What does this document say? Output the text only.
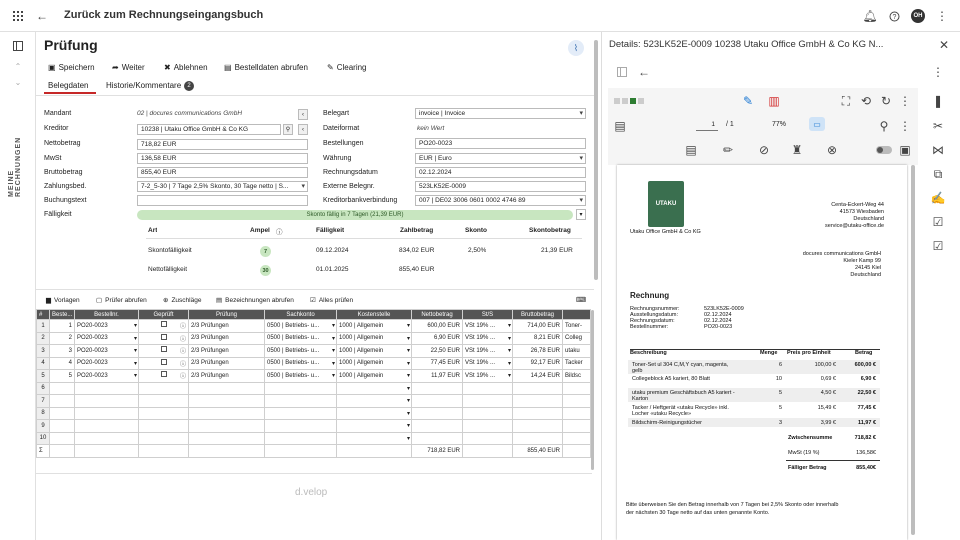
← Zurück zum Rechnungseingangsbuch	🔔︎ ?	OH ⋮
⌃
⌄
MEINE RECHNUNGEN
Prüfung	⌇
▣ Speichern ➦ Weiter ✖ Ablehnen ▤ Bestelldaten abrufen ✎ Clearing
Belegdaten Historie/Kommentare	2
Mandant	02 | docures communications GmbH	‹
Kreditor	10238 | Utaku Office GmbH & Co KG	⚲	‹
Nettobetrag	718,82 EUR
MwSt	136,58 EUR
Bruttobetrag	855,40 EUR
Zahlungsbed.	7-2_5-30 | 7 Tage 2,5% Skonto, 30 Tage netto | S... ▾
Buchungstext
Fälligkeit	Skonto fällig in 7 Tagen (21,39 EUR)	▾
Belegart	invoice | Invoice ▾
Dateiformat	kein Wert
Bestellungen	PO20-0023
Währung	EUR | Euro ▾
Rechnungsdatum	02.12.2024
Externe Belegnr.	523LK52E-0009
Kreditorbankverbindung	007 | DE02 3006 0601 0002 4746 89 ▾
Art	Ampel ⓘ	Fälligkeit	Zahlbetrag	Skonto	Skontobetrag
Skontofälligkeit	7	09.12.2024	834,02 EUR	2,50%	21,39 EUR
Nettofälligkeit	30	01.01.2025	855,40 EUR
▆ Vorlagen	▢ Prüfer abrufen	⊕ Zuschläge ▤ Bezeichnungen abrufen ☑ Alles prüfen	⌨
#	Beste...	Bestellnr.	Geprüft	Prüfung	Sachkonto	Kostenstelle	Nettobetrag	St/S	Bruttobetrag	
1	1	PO20-0023 ▾	ⓘ	2/3 Prüfungen	0500 | Betriebs- u... ▾	1000 | Allgemein ▾	600,00 EUR	VSt 19% ... ▾	714,00 EUR	Toner-
2	2	PO20-0023 ▾	ⓘ	2/3 Prüfungen	0500 | Betriebs- u... ▾	1000 | Allgemein ▾	6,90 EUR	VSt 19% ... ▾	8,21 EUR	Colleg
3	3	PO20-0023 ▾	ⓘ	2/3 Prüfungen	0500 | Betriebs- u... ▾	1000 | Allgemein ▾	22,50 EUR	VSt 19% ... ▾	26,78 EUR	utaku
4	4	PO20-0023 ▾	ⓘ	2/3 Prüfungen	0500 | Betriebs- u... ▾	1000 | Allgemein ▾	77,45 EUR	VSt 19% ... ▾	92,17 EUR	Tacker
5	5	PO20-0023 ▾	ⓘ	2/3 Prüfungen	0500 | Betriebs- u... ▾	1000 | Allgemein ▾	11,97 EUR	VSt 19% ... ▾	14,24 EUR	Bildsc
6						▾				

7						▾				

8						▾				

9						▾				

10						▾				

Σ							718,82 EUR		855,40 EUR	
d.velop
Details: 523LK52E-0009 10238 Utaku Office GmbH & Co KG N...	✕
←	⋮
✎ ▥	⛶ ⟲ ↻ ⋮
▤	1	/ 1	77%	▭	⚲ ⋮
▤ ✏ ⊘ ♜ ⊗	▣
❚
✂
⋈
⧉
✍
☑
☑
UTAKU
Utaku Office GmbH & Co KG
Centa-Eckert-Weg 44
41573 Wiesbaden
Deutschland
service@utaku-office.de
docures communications GmbH
Kieler Kamp 99
24145 Kiel
Deutschland
Rechnung
Rechnungsnummer:	523LK52E-0009
Ausstellungsdatum:	02.12.2024
Rechnungsdatum:	02.12.2024
Bestellnummer:	PO20-0023
Beschreibung	Menge Preis pro Einheit	Betrag
Toner-Set ul 304 C,M,Y cyan, magenta,
gelb
6	100,00 €	600,00 €
Collegeblock A5 kariert, 80 Blatt	10	0,69 €	6,90 €
utaku premium Geschäftsbuch A5 kariert -
Karton
5	4,50 €	22,50 €
Tacker / Heftgerät «utaku Recycle» inkl.
Locher «utaku Recycle»
5	15,49 €	77,45 €
Bildschirm-Reinigungstücher	3	3,99 €	11,97 €
Zwischensumme	718,82 €
MwSt (19 %)	136,58€
Fälliger Betrag	855,40€
Bitte überweisen Sie den Betrag innerhalb von 7 Tagen bei 2,5% Skonto oder innerhalb
der nächsten 30 Tage netto auf das unten genannte Konto.
